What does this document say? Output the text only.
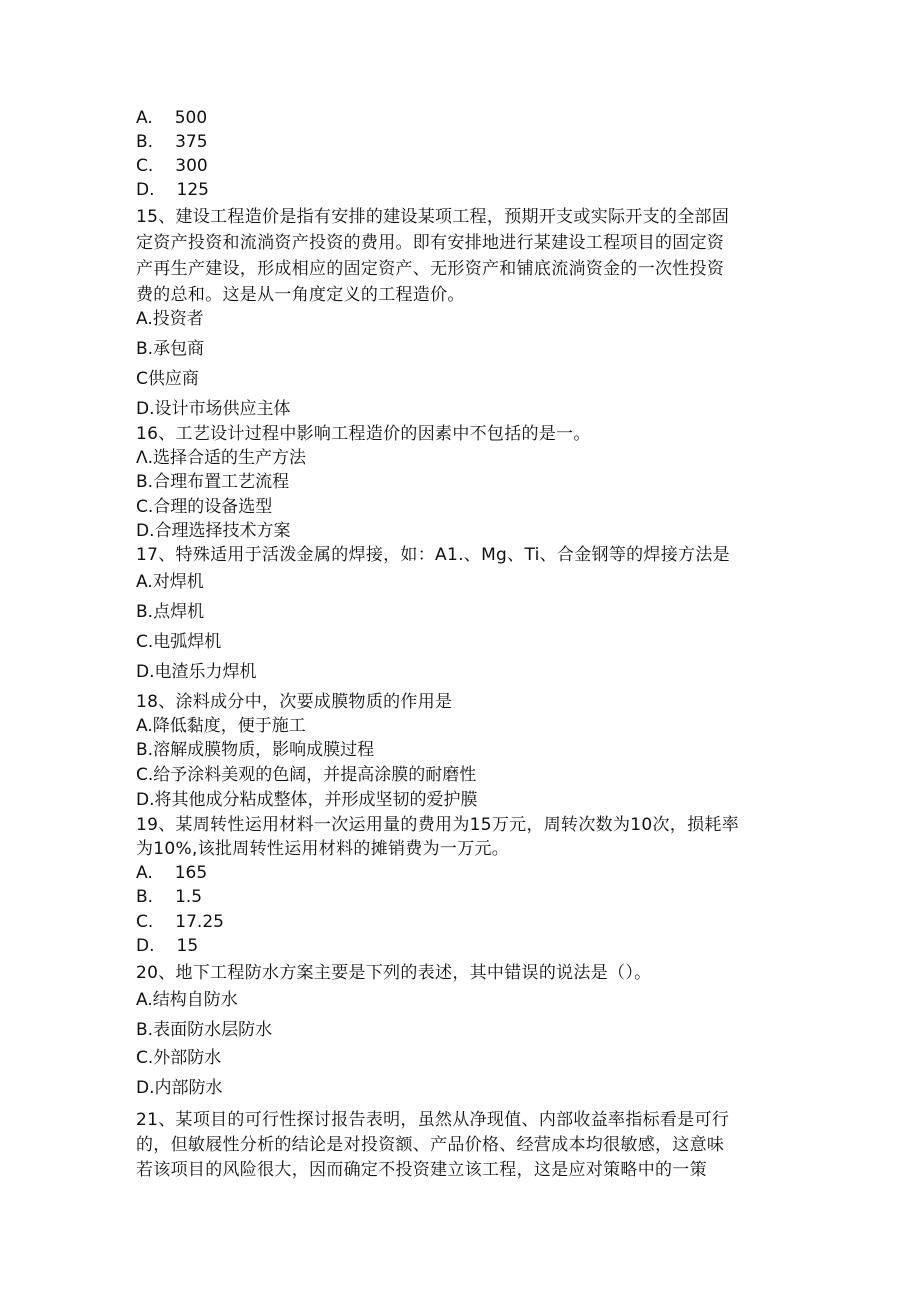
A. 500
B. 375
C. 300
D. 125
15、建设工程造价是指有安排的建设某项工程，预期开支或实际开支的全部固
定资产投资和流淌资产投资的费用。即有安排地进行某建设工程项目的固定资
产再生产建设，形成相应的固定资产、无形资产和铺底流淌资金的一次性投资
费的总和。这是从一角度定义的工程造价。
A.投资者
B.承包商
C供应商
D.设计市场供应主体
16、工艺设计过程中影响工程造价的因素中不包括的是一。
Λ.选择合适的生产方法
B.合理布置工艺流程
C.合理的设备选型
D.合理选择技术方案
17、特殊适用于活泼金属的焊接，如：A1.、Mg、Ti、合金钢等的焊接方法是
A.对焊机
B.点焊机
C.电弧焊机
D.电渣乐力焊机
18、涂料成分中，次要成膜物质的作用是
A.降低黏度，便于施工
B.溶解成膜物质，影响成膜过程
C.给予涂料美观的色阔，并提高涂膜的耐磨性
D.将其他成分粘成整体，并形成坚韧的爱护膜
19、某周转性运用材料一次运用量的费用为15万元，周转次数为10次，损耗率
为10%,该批周转性运用材料的摊销费为一万元。
A. 165
B. 1.5
C. 17.25
D. 15
20、地下工程防水方案主要是下列的表述，其中错误的说法是（）。
A.结构自防水
B.表面防水层防水
C.外部防水
D.内部防水
21、某项目的可行性探讨报告表明，虽然从净现值、内部收益率指标看是可行
的，但敏屐性分析的结论是对投资额、产品价格、经营成本均很敏感，这意味
若该项目的风险很大，因而确定不投资建立该工程，这是应对策略中的一策
